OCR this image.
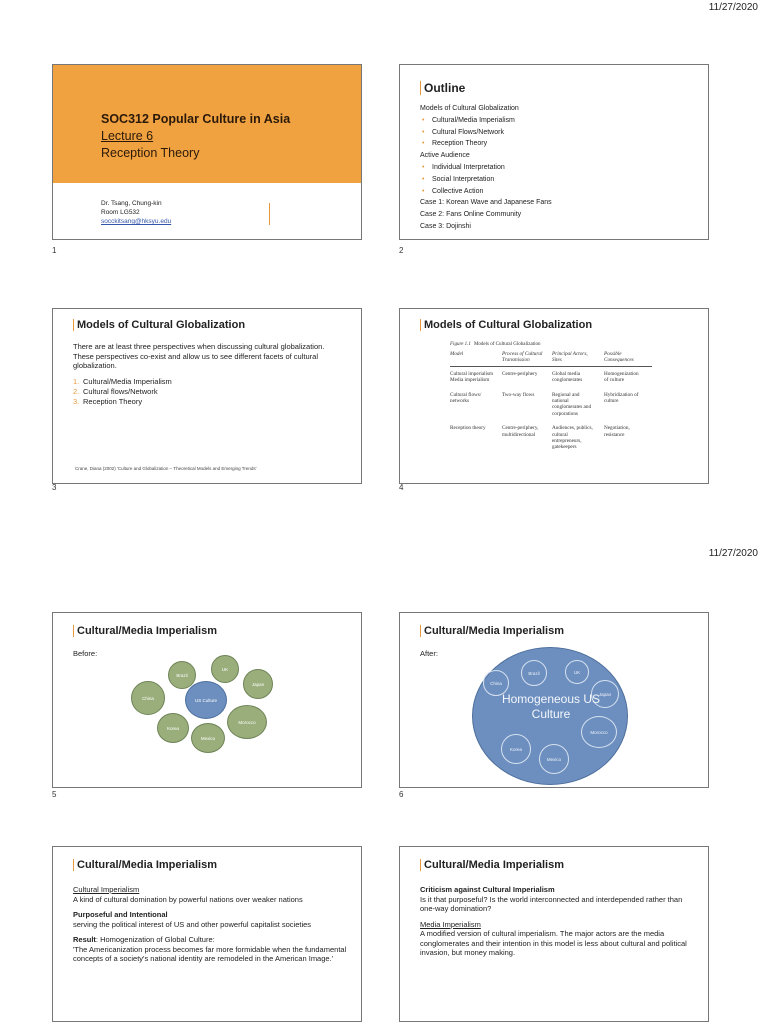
11/27/2020
11/27/2020
SOC312 Popular Culture in Asia
Lecture 6
Reception Theory
Dr. Tsang, Chung-kin
Room LG532
socckitsang@hksyu.edu
1
Outline
Models of Cultural Globalization
• Cultural/Media Imperialism
• Cultural Flows/Network
• Reception Theory
Active Audience
• Individual Interpretation
• Social Interpretation
• Collective Action
Case 1: Korean Wave and Japanese Fans
Case 2: Fans Online Community
Case 3: Dojinshi
2
Models of Cultural Globalization

There are at least three perspectives when discussing cultural globalization. These perspectives co-exist and allow us to see different facets of cultural globalization.

1. Cultural/Media Imperialism
2. Cultural flows/Network
3. Reception Theory
Crane, Diana (2002) 'Culture and Globalization – Theoretical Models and Emerging Trends'
3
Models of Cultural Globalization
Figure 1.1 Models of Cultural Globalization
Model	Process of Cultural Transmission	Principal Actors, Sites	Possible Consequences
Cultural imperialism Media imperialism	Centre-periphery	Global media conglomerates	Homogenization of culture
Cultural flows/ networks	Two-way flows	Regional and national conglomerates and corporations	Hybridization of culture
Reception theory	Centre-periphery, multidirectional	Audiences, publics, cultural entrepreneurs, gatekeepers	Negotiation, resistance
4
Cultural/Media Imperialism
Before:
Brazil
UK
Japan
China	US Culture
Morocco
Korea
Mexico
5
Cultural/Media Imperialism
After:
China
Brazil	UK
Japan
Morocco
Korea
Mexico
Homogeneous US Culture
6
Cultural/Media Imperialism
Cultural Imperialism

A kind of cultural domination by powerful nations over weaker nations

Purposeful and Intentional

serving the political interest of US and other powerful capitalist societies

Result: Homogenization of Global Culture:
'The Americanization process becomes far more formidable when the fundamental concepts of a society's national identity are remodeled in the American Image.'
Cultural/Media Imperialism
Criticism against Cultural Imperialism

Is it that purposeful? Is the world interconnected and interdepended rather than one-way domination?

Media Imperialism
A modified version of cultural imperialism. The major actors are the media conglomerates and their intention in this model is less about cultural and political invasion, but money making.
